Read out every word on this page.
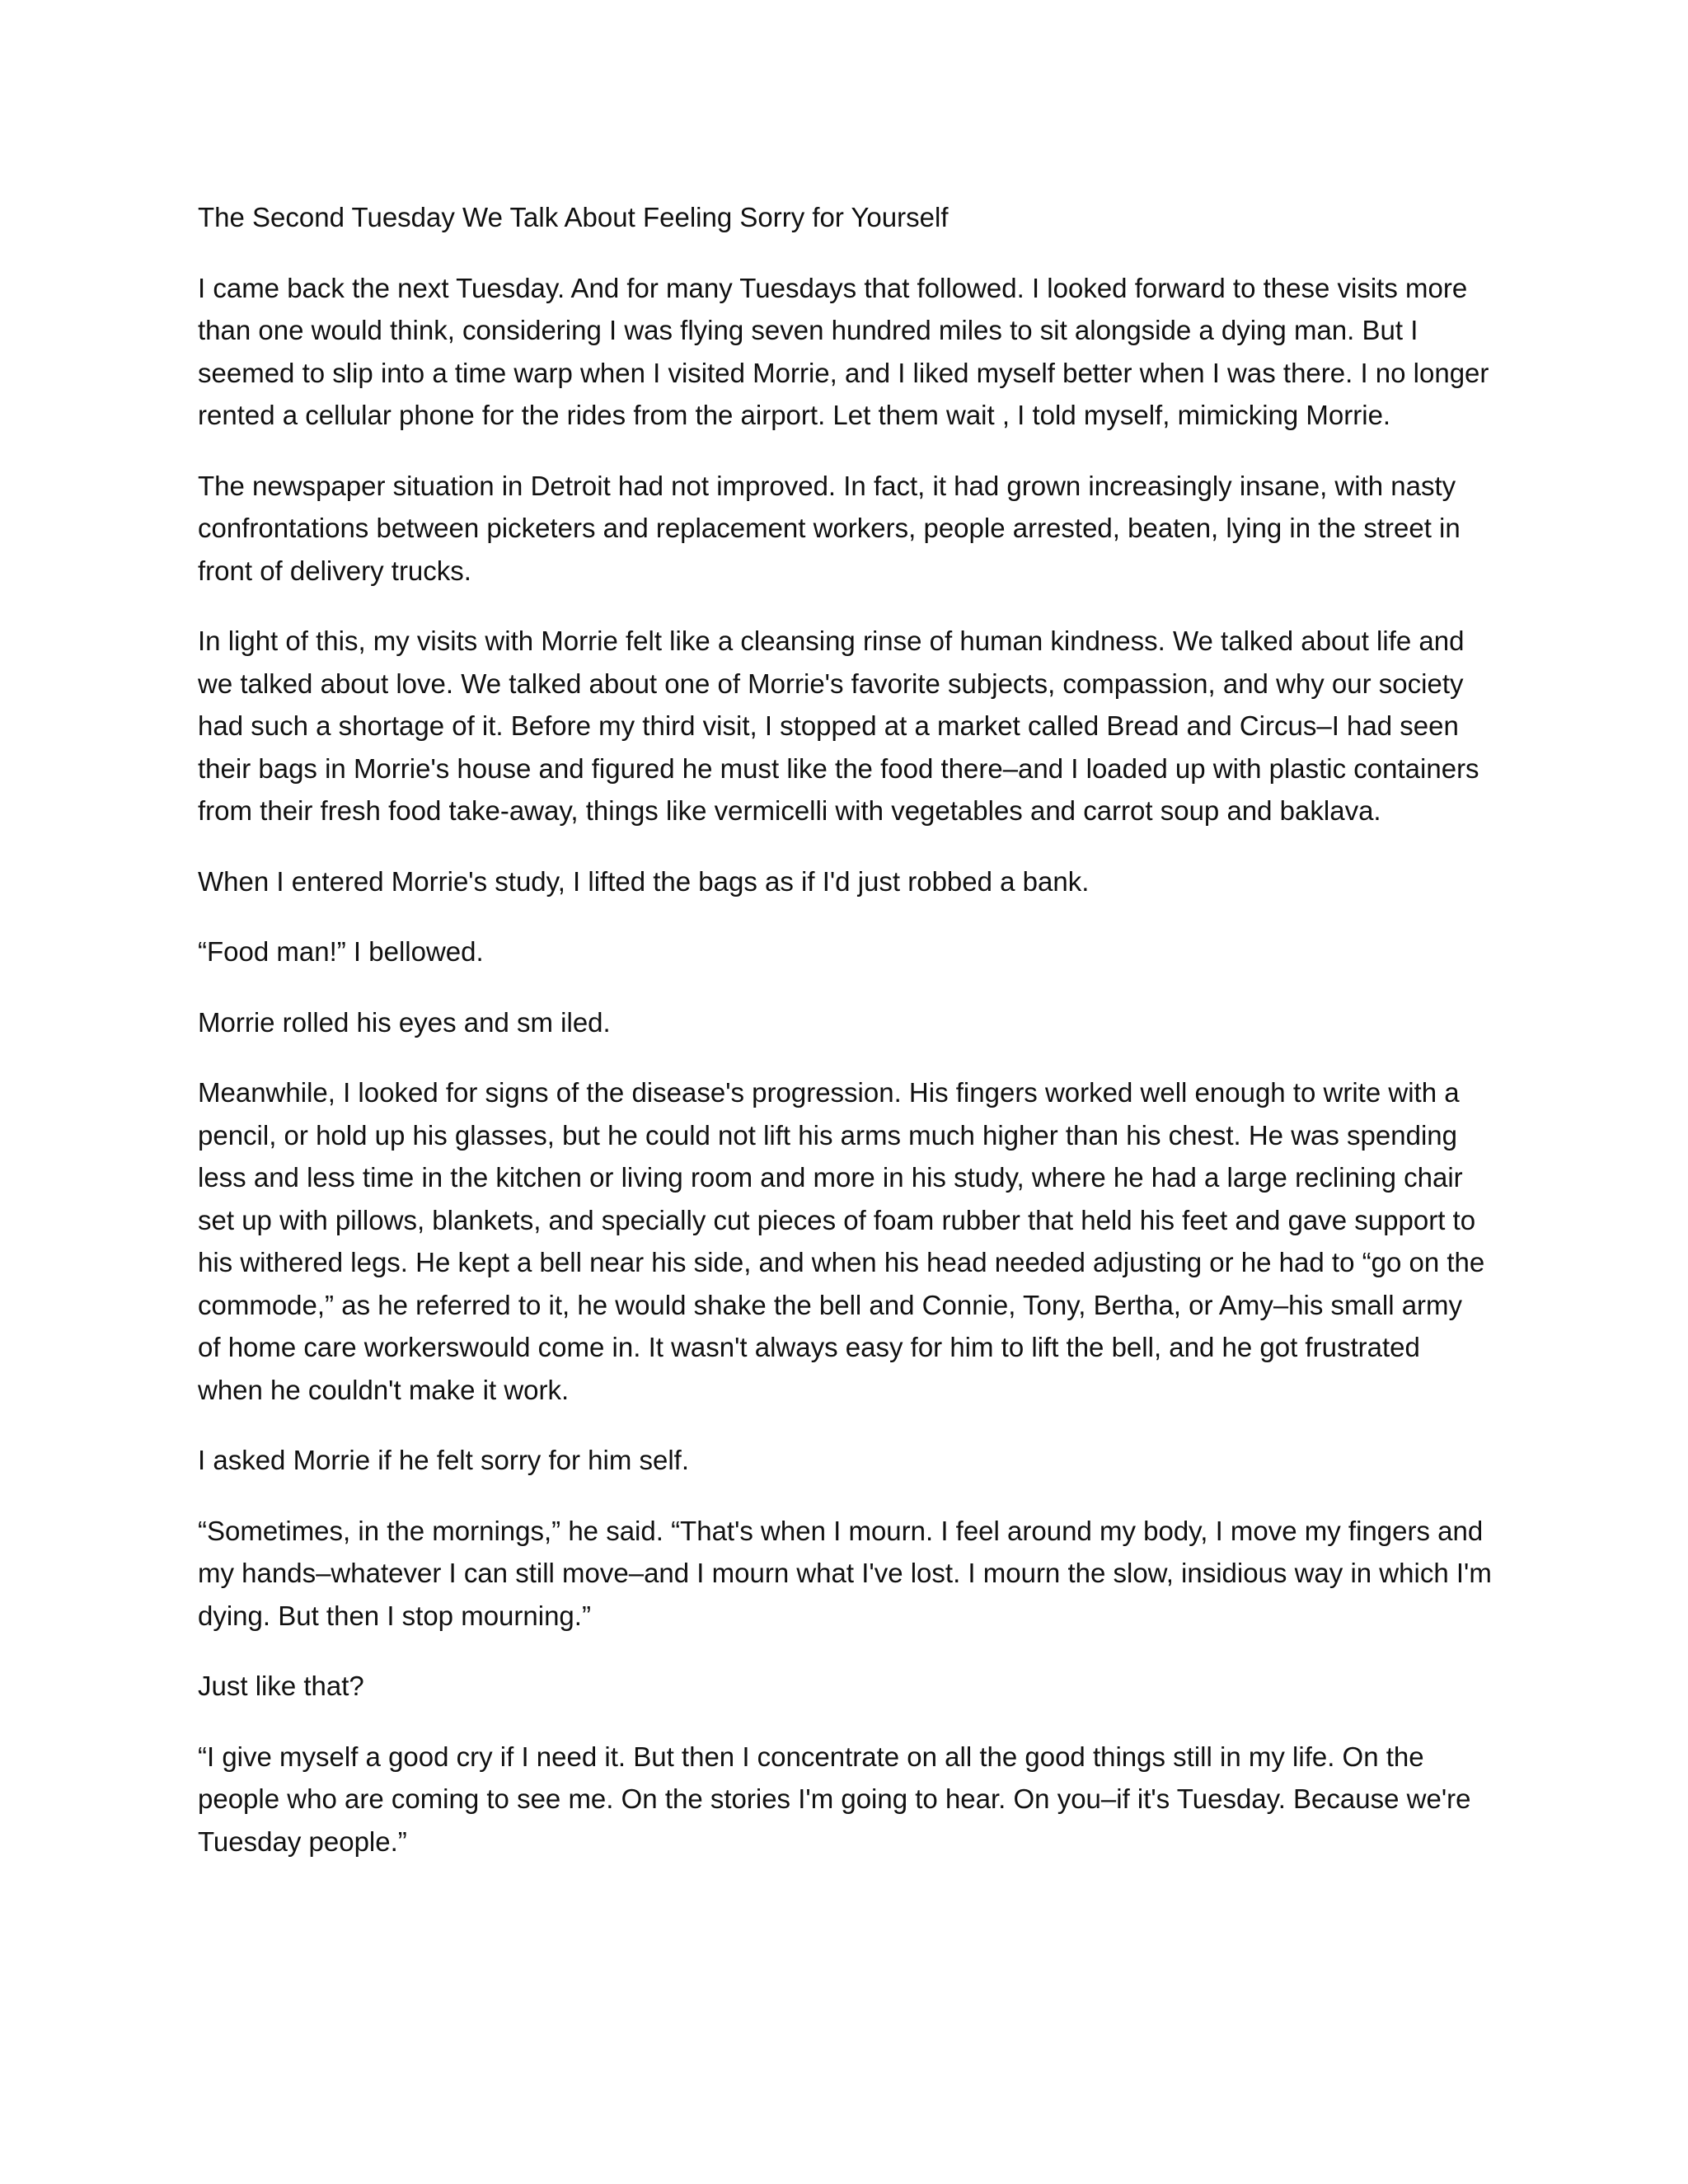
The Second Tuesday We Talk About Feeling Sorry for Yourself

I came back the next Tuesday. And for many Tuesdays that followed. I looked forward to these visits more than one would think, considering I was flying seven hundred miles to sit alongside a dying man. But I seemed to slip into a time warp when I visited Morrie, and I liked myself better when I was there. I no longer rented a cellular phone for the rides from the airport. Let them wait , I told myself, mimicking Morrie.

The newspaper situation in Detroit had not improved. In fact, it had grown increasingly insane, with nasty confrontations between picketers and replacement workers, people arrested, beaten, lying in the street in front of delivery trucks.

In light of this, my visits with Morrie felt like a cleansing rinse of human kindness. We talked about life and we talked about love. We talked about one of Morrie's favorite subjects, compassion, and why our society had such a shortage of it. Before my third visit, I stopped at a market called Bread and Circus–I had seen their bags in Morrie's house and figured he must like the food there–and I loaded up with plastic containers from their fresh food take-away, things like vermicelli with vegetables and carrot soup and baklava.

When I entered Morrie's study, I lifted the bags as if I'd just robbed a bank.

“Food man!” I bellowed.

Morrie rolled his eyes and sm iled.

Meanwhile, I looked for signs of the disease's progression. His fingers worked well enough to write with a pencil, or hold up his glasses, but he could not lift his arms much higher than his chest. He was spending less and less time in the kitchen or living room and more in his study, where he had a large reclining chair set up with pillows, blankets, and specially cut pieces of foam rubber that held his feet and gave support to his withered legs. He kept a bell near his side, and when his head needed adjusting or he had to “go on the commode,” as he referred to it, he would shake the bell and Connie, Tony, Bertha, or Amy–his small army of home care workerswould come in. It wasn't always easy for him to lift the bell, and he got frustrated when he couldn't make it work.

I asked Morrie if he felt sorry for him self.

“Sometimes, in the mornings,” he said. “That's when I mourn. I feel around my body, I move my fingers and my hands–whatever I can still move–and I mourn what I've lost. I mourn the slow, insidious way in which I'm dying. But then I stop mourning.”

Just like that?

“I give myself a good cry if I need it. But then I concentrate on all the good things still in my life. On the people who are coming to see me. On the stories I'm going to hear. On you–if it's Tuesday. Because we're Tuesday people.”
